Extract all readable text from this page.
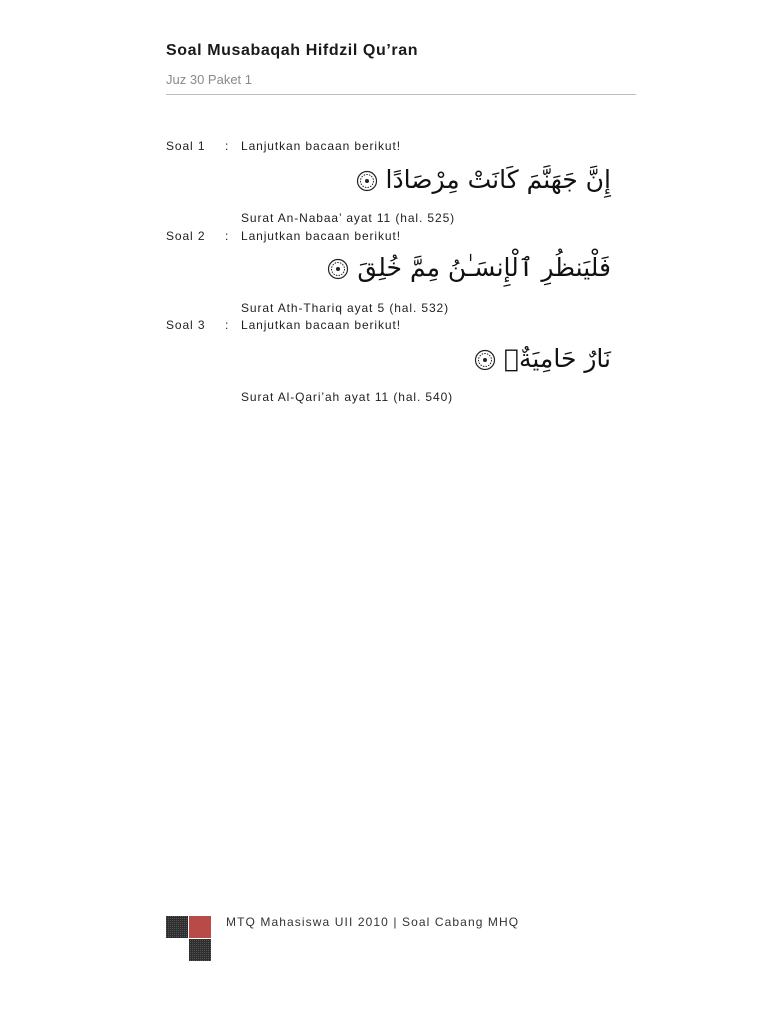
Soal Musabaqah Hifdzil Qu’ran
Juz 30 Paket 1
Soal 1 : Lanjutkan bacaan berikut!
إِنَّ جَهَنَّمَ كَانَتْ مِرْصَادًا
Surat An-Nabaa’ ayat 11 (hal. 525)
Soal 2 : Lanjutkan bacaan berikut!
فَلْيَنظُرِ ٱلْإِنسَـٰنُ مِمَّ خُلِقَ
Surat Ath-Thariq ayat 5 (hal. 532)
Soal 3 : Lanjutkan bacaan berikut!
نَارٌ حَامِيَةٌۢ
Surat Al-Qari’ah ayat 11 (hal. 540)
MTQ Mahasiswa UII 2010 | Soal Cabang MHQ
